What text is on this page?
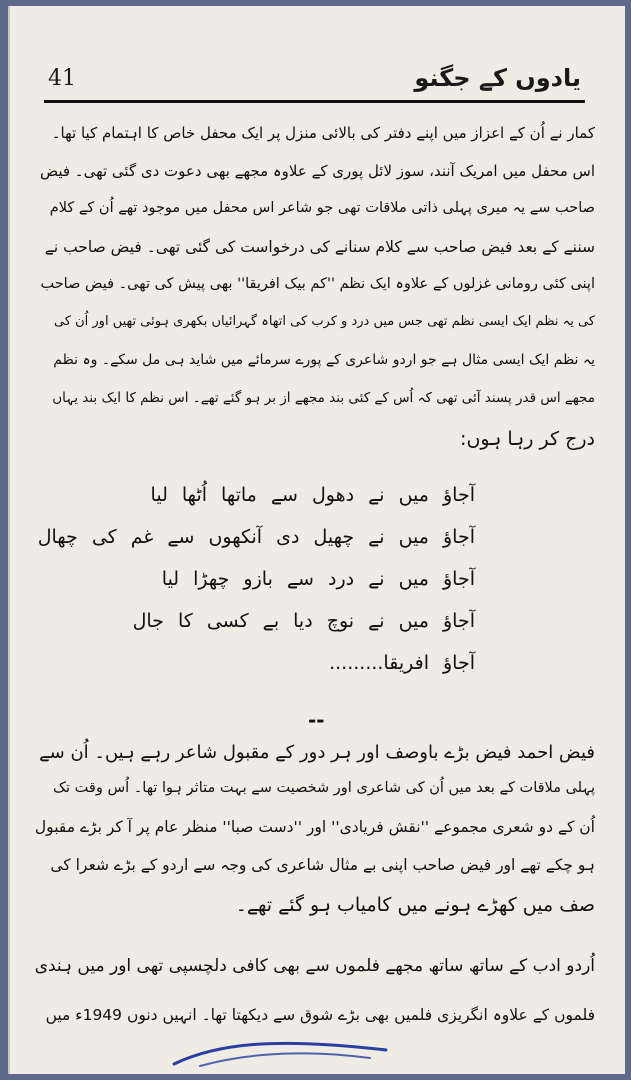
41	یادوں کے جگنو
کمار نے اُن کے اعزاز میں اپنے دفتر کی بالائی منزل پر ایک محفل خاص کا اہتمام کیا تھا۔
اس محفل میں امریک آنند، سوز لائل پوری کے علاوہ مجھے بھی دعوت دی گئی تھی۔ فیض
صاحب سے یہ میری پہلی ذاتی ملاقات تھی جو شاعر اس محفل میں موجود تھے اُن کے کلام
سننے کے بعد فیض صاحب سے کلام سنانے کی درخواست کی گئی تھی۔ فیض صاحب نے
اپنی کئی رومانی غزلوں کے علاوہ ایک نظم ''کم بیک افریقا'' بھی پیش کی تھی۔ فیض صاحب
کی یہ نظم ایک ایسی نظم تھی جس میں درد و کرب کی اتھاہ گہرائیاں بکھری ہوئی تھیں اور اُن کی
یہ نظم ایک ایسی مثال ہے جو اردو شاعری کے پورے سرمائے میں شاید ہی مل سکے۔ وہ نظم
مجھے اس قدر پسند آئی تھی کہ اُس کے کئی بند مجھے از بر ہو گئے تھے۔ اس نظم کا ایک بند یہاں
درج کر رہا ہوں:
آجاؤ میں نے دھول سے ماتھا اُٹھا لیا
آجاؤ میں نے چھیل دی آنکھوں سے غم کی چھال
آجاؤ میں نے درد سے بازو چھڑا لیا
آجاؤ میں نے نوچ دیا بے کسی کا جال
آجاؤ افریقا.........
--
فیض احمد فیض بڑے باوصف اور ہر دور کے مقبول شاعر رہے ہیں۔ اُن سے
پہلی ملاقات کے بعد میں اُن کی شاعری اور شخصیت سے بہت متاثر ہوا تھا۔ اُس وقت تک
اُن کے دو شعری مجموعے ''نقش فریادی'' اور ''دست صبا'' منظر عام پر آ کر بڑے مقبول
ہو چکے تھے اور فیض صاحب اپنی بے مثال شاعری کی وجہ سے اردو کے بڑے شعرا کی
صف میں کھڑے ہونے میں کامیاب ہو گئے تھے۔
اُردو ادب کے ساتھ ساتھ مجھے فلموں سے بھی کافی دلچسپی تھی اور میں ہندی
فلموں کے علاوہ انگریزی فلمیں بھی بڑے شوق سے دیکھتا تھا۔ انہیں دنوں 1949ء میں
